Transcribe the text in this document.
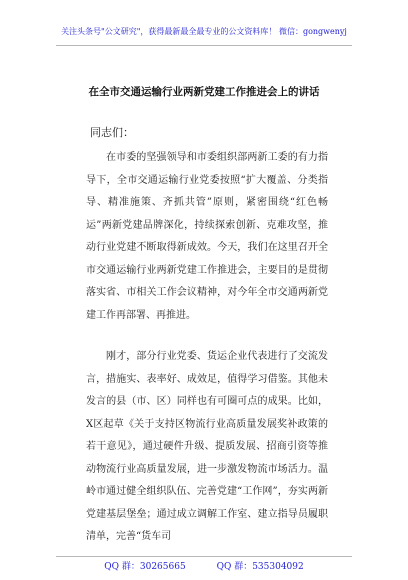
关注头条号"公文研究"，获得最新最全最专业的公文资料库！ 微信：gongwenyj
在全市交通运输行业两新党建工作推进会上的讲话
同志们：

在市委的坚强领导和市委组织部两新工委的有力指导下，全市交通运输行业党委按照“扩大覆盖、分类指导、精准施策、齐抓共管”原则，紧密围绕“红色畅运”两新党建品牌深化，持续探索创新、克难攻坚，推动行业党建不断取得新成效。今天，我们在这里召开全市交通运输行业两新党建工作推进会，主要目的是贯彻落实省、市相关工作会议精神，对今年全市交通两新党建工作再部署、再推进。

刚才，部分行业党委、货运企业代表进行了交流发言，措施实、表率好、成效足，值得学习借鉴。其他未发言的县（市、区）同样也有可圈可点的成果。比如，X区起草《关于支持区物流行业高质量发展奖补政策的若干意见》，通过硬件升级、提质发展、招商引资等推动物流行业高质量发展，进一步激发物流市场活力。温岭市通过健全组织队伍、完善党建“工作网”，夯实两新党建基层堡垒；通过成立调解工作室、建立指导员履职清单，完善“货车司

QQ 群：30265665	QQ 群：535304092
